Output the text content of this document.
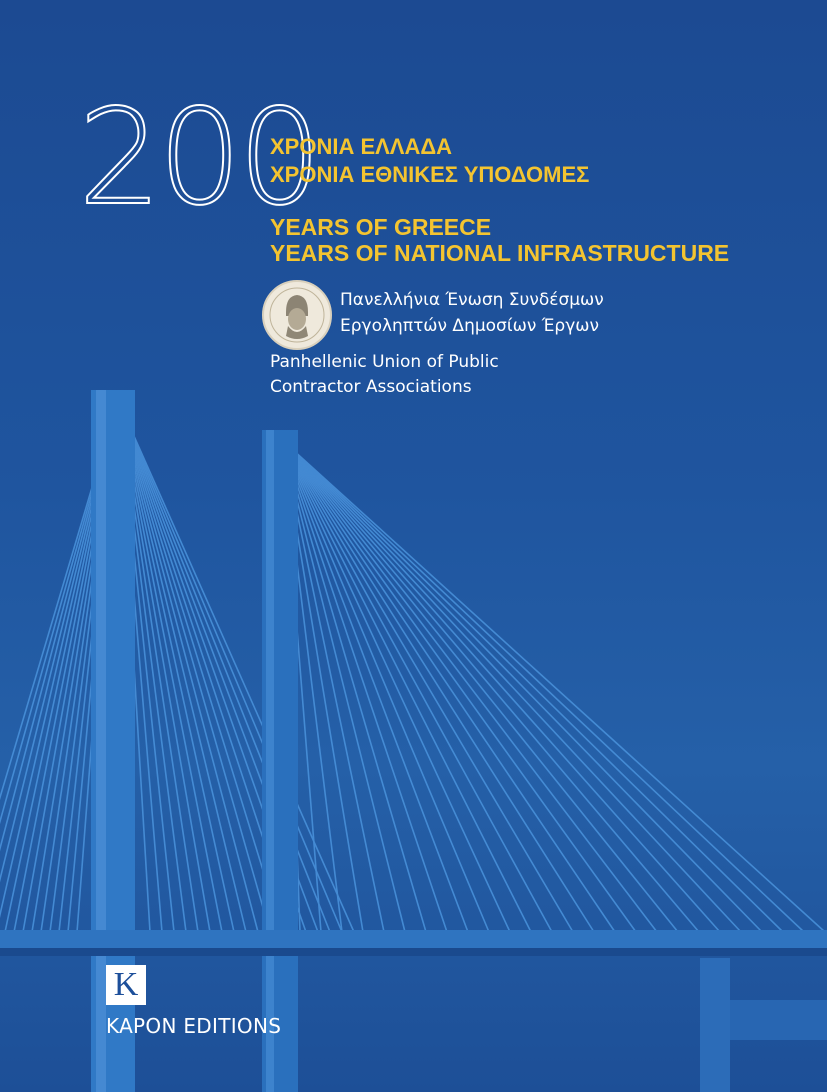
200
ΧΡΟΝΙΑ ΕΛΛΑΔΑ
ΧΡΟΝΙΑ ΕΘΝΙΚΕΣ ΥΠΟΔΟΜΕΣ
YEARS OF GREECE
YEARS OF NATIONAL INFRASTRUCTURE
Πανελλήνια Ένωση Συνδέσμων
Εργοληπτών Δημοσίων Έργων
Panhellenic Union of Public
Contractor Associations
K
KAPON EDITIONS
